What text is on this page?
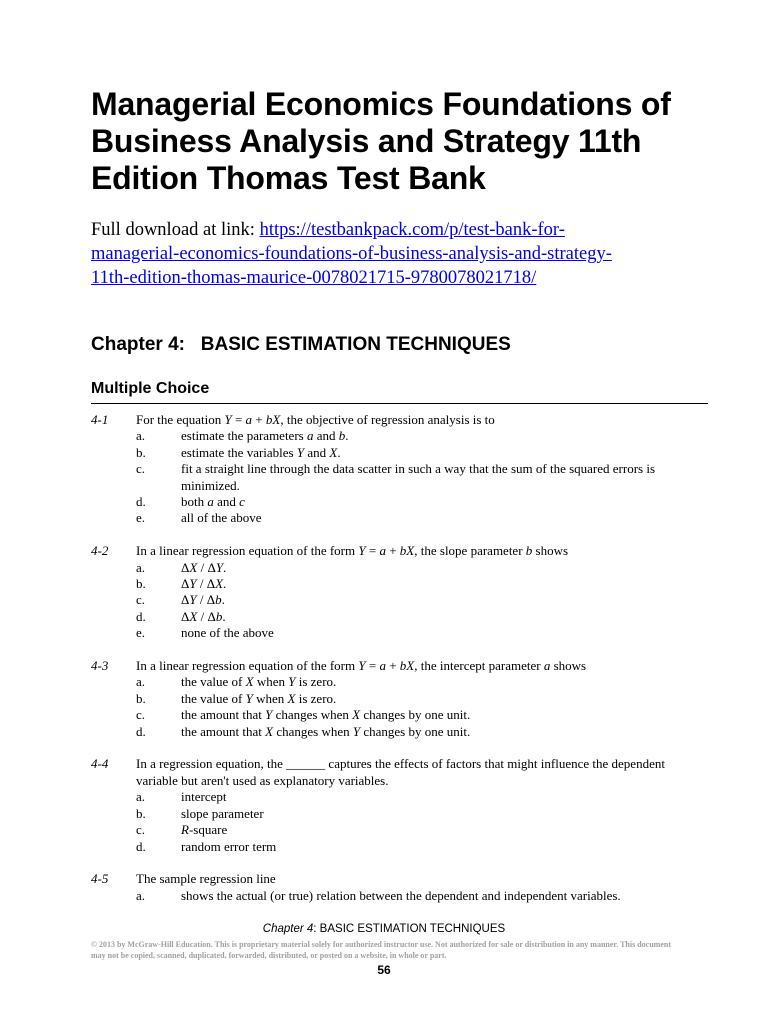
Managerial Economics Foundations of Business Analysis and Strategy 11th Edition Thomas Test Bank
Full download at link: https://testbankpack.com/p/test-bank-for-
managerial-economics-foundations-of-business-analysis-and-strategy-
11th-edition-thomas-maurice-0078021715-9780078021718/
Chapter 4:   BASIC ESTIMATION TECHNIQUES
Multiple Choice
4-1	For the equation Y = a + bX, the objective of regression analysis is to
a.	estimate the parameters a and b.
b.	estimate the variables Y and X.
c.	fit a straight line through the data scatter in such a way that the sum of the squared errors is minimized.
d.	both a and c
e.	all of the above
4-2	In a linear regression equation of the form Y = a + bX, the slope parameter b shows
a.	ΔX / ΔY.
b.	ΔY / ΔX.
c.	ΔY / Δb.
d.	ΔX / Δb.
e.	none of the above
4-3	In a linear regression equation of the form Y = a + bX, the intercept parameter a shows
a.	the value of X when Y is zero.
b.	the value of Y when X is zero.
c.	the amount that Y changes when X changes by one unit.
d.	the amount that X changes when Y changes by one unit.
4-4	In a regression equation, the ______ captures the effects of factors that might influence the dependent variable but aren't used as explanatory variables.
a.	intercept
b.	slope parameter
c.	R-square
d.	random error term
4-5	The sample regression line
a.	shows the actual (or true) relation between the dependent and independent variables.
Chapter 4: BASIC ESTIMATION TECHNIQUES
© 2013 by McGraw-Hill Education. This is proprietary material solely for authorized instructor use. Not authorized for sale or distribution in any manner. This document may not be copied, scanned, duplicated, forwarded, distributed, or posted on a website, in whole or part.
56
